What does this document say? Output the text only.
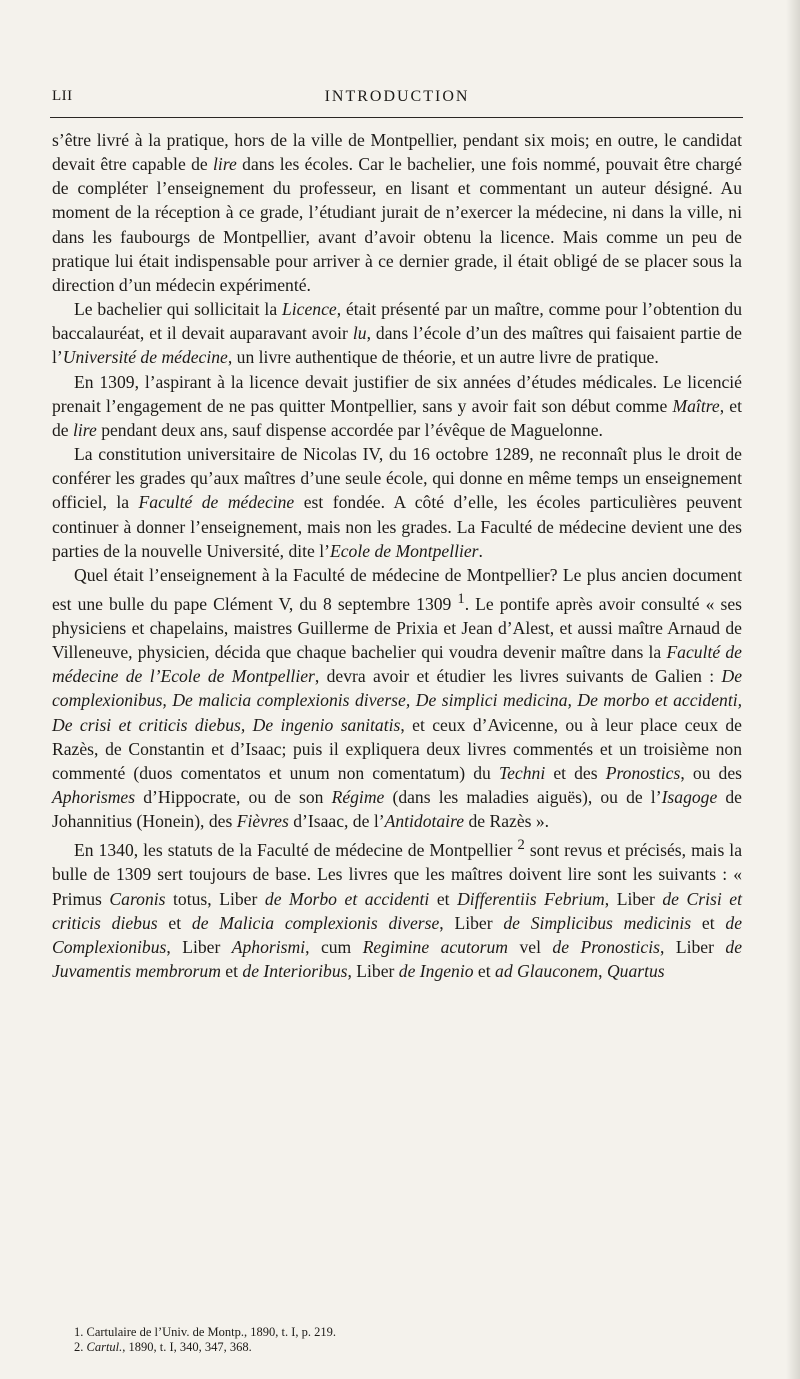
LII	INTRODUCTION

s’être livré à la pratique, hors de la ville de Montpellier, pendant six mois; en outre, le candidat devait être capable de lire dans les écoles. Car le bachelier, une fois nommé, pouvait être chargé de compléter l’enseignement du professeur, en lisant et commentant un auteur désigné. Au moment de la réception à ce grade, l’étudiant jurait de n’exercer la médecine, ni dans la ville, ni dans les faubourgs de Montpellier, avant d’avoir obtenu la licence. Mais comme un peu de pratique lui était indispensable pour arriver à ce dernier grade, il était obligé de se placer sous la direction d’un médecin expérimenté.

Le bachelier qui sollicitait la Licence, était présenté par un maître, comme pour l’obtention du baccalauréat, et il devait auparavant avoir lu, dans l’école d’un des maîtres qui faisaient partie de l’Université de médecine, un livre authentique de théorie, et un autre livre de pratique.

En 1309, l’aspirant à la licence devait justifier de six années d’études médicales. Le licencié prenait l’engagement de ne pas quitter Montpellier, sans y avoir fait son début comme Maître, et de lire pendant deux ans, sauf dispense accordée par l’évêque de Maguelonne.

La constitution universitaire de Nicolas IV, du 16 octobre 1289, ne reconnaît plus le droit de conférer les grades qu’aux maîtres d’une seule école, qui donne en même temps un enseignement officiel, la Faculté de médecine est fondée. A côté d’elle, les écoles particulières peuvent continuer à donner l’enseignement, mais non les grades. La Faculté de médecine devient une des parties de la nouvelle Université, dite l’Ecole de Montpellier.

Quel était l’enseignement à la Faculté de médecine de Montpellier? Le plus ancien document est une bulle du pape Clément V, du 8 septembre 1309 $^1$. Le pontife après avoir consulté « ses physiciens et chapelains, maistres Guillerme de Prixia et Jean d’Alest, et aussi maître Arnaud de Villeneuve, physicien, décida que chaque bachelier qui voudra devenir maître dans la Faculté de médecine de l’Ecole de Montpellier, devra avoir et étudier les livres suivants de Galien : De complexionibus, De malicia complexionis diverse, De simplici medicina, De morbo et accidenti, De crisi et criticis diebus, De ingenio sanitatis, et ceux d’Avicenne, ou à leur place ceux de Razès, de Constantin et d’Isaac; puis il expliquera deux livres commentés et un troisième non commenté (duos comentatos et unum non comentatum) du Techni et des Pronostics, ou des Aphorismes d’Hippocrate, ou de son Régime (dans les maladies aiguës), ou de l’Isagoge de Johannitius (Honein), des Fièvres d’Isaac, de l’Antidotaire de Razès ».

En 1340, les statuts de la Faculté de médecine de Montpellier $^2$ sont revus et précisés, mais la bulle de 1309 sert toujours de base. Les livres que les maîtres doivent lire sont les suivants : « Primus Caronis totus, Liber de Morbo et accidenti et Differentiis Febrium, Liber de Crisi et criticis diebus et de Malicia complexionis diverse, Liber de Simplicibus medicinis et de Complexionibus, Liber Aphorismi, cum Regimine acutorum vel de Pronosticis, Liber de Juvamentis membrorum et de Interioribus, Liber de Ingenio et ad Glauconem, Quartus

1. Cartulaire de l’Univ. de Montp., 1890, t. I, p. 219.
2. Cartul., 1890, t. I, 340, 347, 368.
